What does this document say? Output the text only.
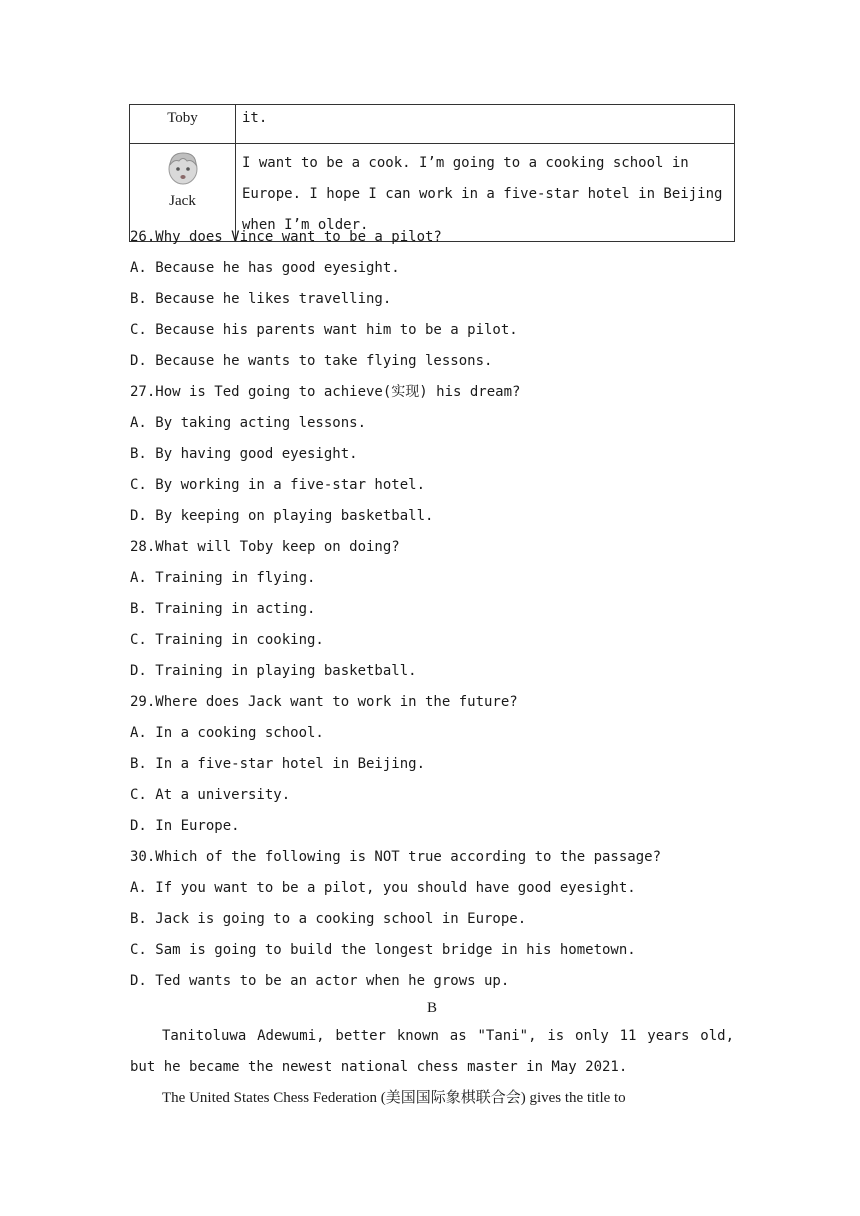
Toby	it.

Jack	I want to be a cook. I’m going to a cooking school in Europe. I hope I can work in a five-star hotel in Beijing when I’m older.
26.Why does Vince want to be a pilot?
A. Because he has good eyesight.
B. Because he likes travelling.
C. Because his parents want him to be a pilot.
D. Because he wants to take flying lessons.
27.How is Ted going to achieve(实现) his dream?
A. By taking acting lessons.
B. By having good eyesight.
C. By working in a five-star hotel.
D. By keeping on playing basketball.
28.What will Toby keep on doing?
A. Training in flying.
B. Training in acting.
C. Training in cooking.
D. Training in playing basketball.
29.Where does Jack want to work in the future?
A. In a cooking school.
B. In a five-star hotel in Beijing.
C. At a university.
D. In Europe.
30.Which of the following is NOT true according to the passage?
A. If you want to be a pilot, you should have good eyesight.
B. Jack is going to a cooking school in Europe.
C. Sam is going to build the longest bridge in his hometown.
D. Ted wants to be an actor when he grows up.
B
Tanitoluwa Adewumi, better known as "Tani", is only 11 years old, but he became the newest national chess master in May 2021.
The United States Chess Federation (美国国际象棋联合会) gives the title to
